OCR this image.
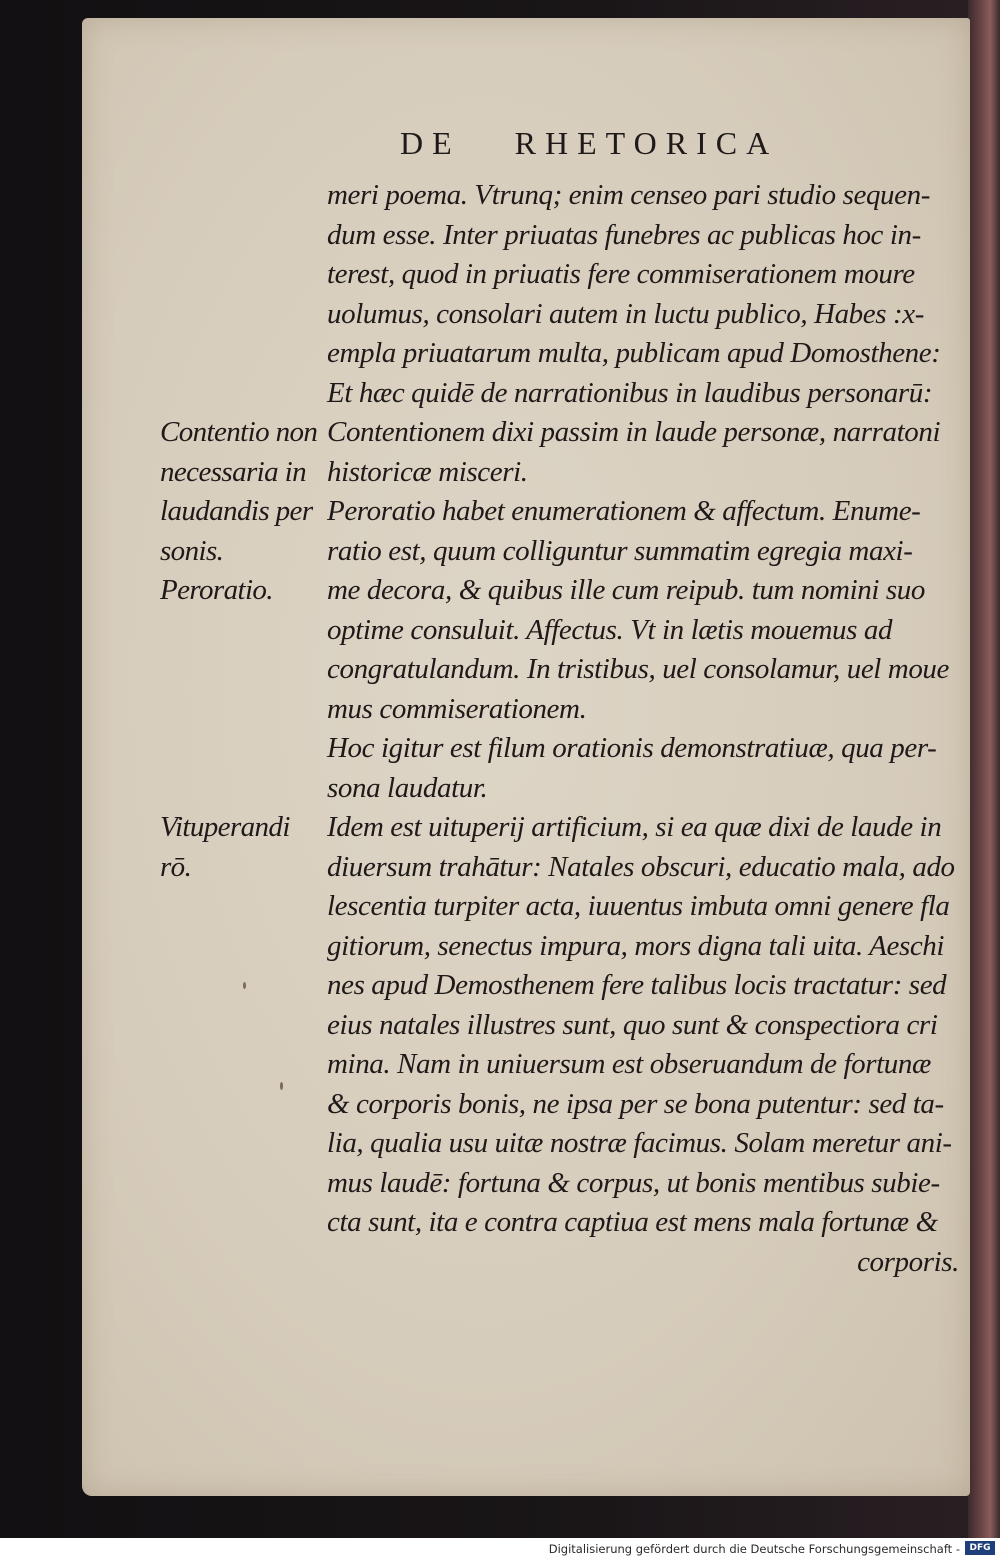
DE RHETORICA
meri poema. Vtrunq; enim censeo pari studio sequen-
dum esse. Inter priuatas funebres ac publicas hoc in-
terest, quod in priuatis fere commiserationem moure
uolumus, consolari autem in luctu publico, Habes :x-
empla priuatarum multa, publicam apud Domosthene:
Et hæc quidē de narrationibus in laudibus personarū:
Contentionem dixi passim in laude personæ, narratoni
historicæ misceri.
Peroratio habet enumerationem & affectum. Enume-
ratio est, quum colliguntur summatim egregia maxi-
me decora, & quibus ille cum reipub. tum nomini suo
optime consuluit. Affectus. Vt in lætis mouemus ad
congratulandum. In tristibus, uel consolamur, uel moue
mus commiserationem.
Hoc igitur est filum orationis demonstratiuæ, qua per-
sona laudatur.
Idem est uituperij artificium, si ea quæ dixi de laude in
diuersum trahātur: Natales obscuri, educatio mala, ado
lescentia turpiter acta, iuuentus imbuta omni genere fla
gitiorum, senectus impura, mors digna tali uita. Aeschi
nes apud Demosthenem fere talibus locis tractatur: sed
eius natales illustres sunt, quo sunt & conspectiora cri
mina. Nam in uniuersum est obseruandum de fortunæ
& corporis bonis, ne ipsa per se bona putentur: sed ta-
lia, qualia usu uitæ nostræ facimus. Solam meretur ani-
mus laudē: fortuna & corpus, ut bonis mentibus subie-
cta sunt, ita e contra captiua est mens mala fortunæ &
corporis.
Contentio non
necessaria in
laudandis per
sonis.
Peroratio.
Vituperandi
rō.
Digitalisierung gefördert durch die Deutsche Forschungsgemeinschaft -	DFG
